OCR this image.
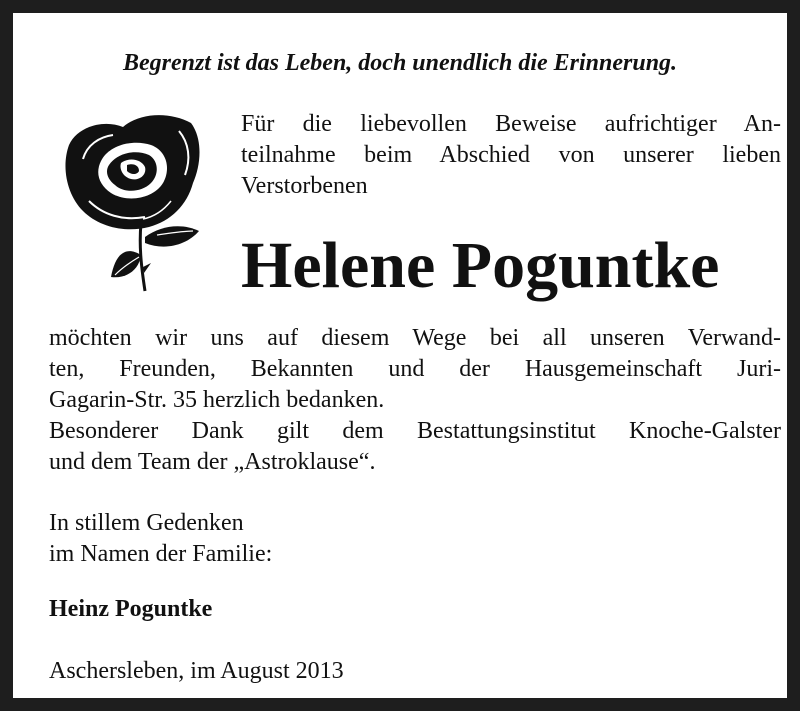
Begrenzt ist das Leben, doch unendlich die Erinnerung.
Für die liebevollen Beweise aufrichtiger An-
teilnahme beim Abschied von unserer lieben
Verstorbenen
Helene Poguntke
möchten wir uns auf diesem Wege bei all unseren Verwand-
ten, Freunden, Bekannten und der Hausgemeinschaft Juri-
Gagarin-Str. 35 herzlich bedanken.
Besonderer Dank gilt dem Bestattungsinstitut Knoche-Galster
und dem Team der „Astroklause“.
In stillem Gedenken
im Namen der Familie:
Heinz Poguntke
Aschersleben, im August 2013
